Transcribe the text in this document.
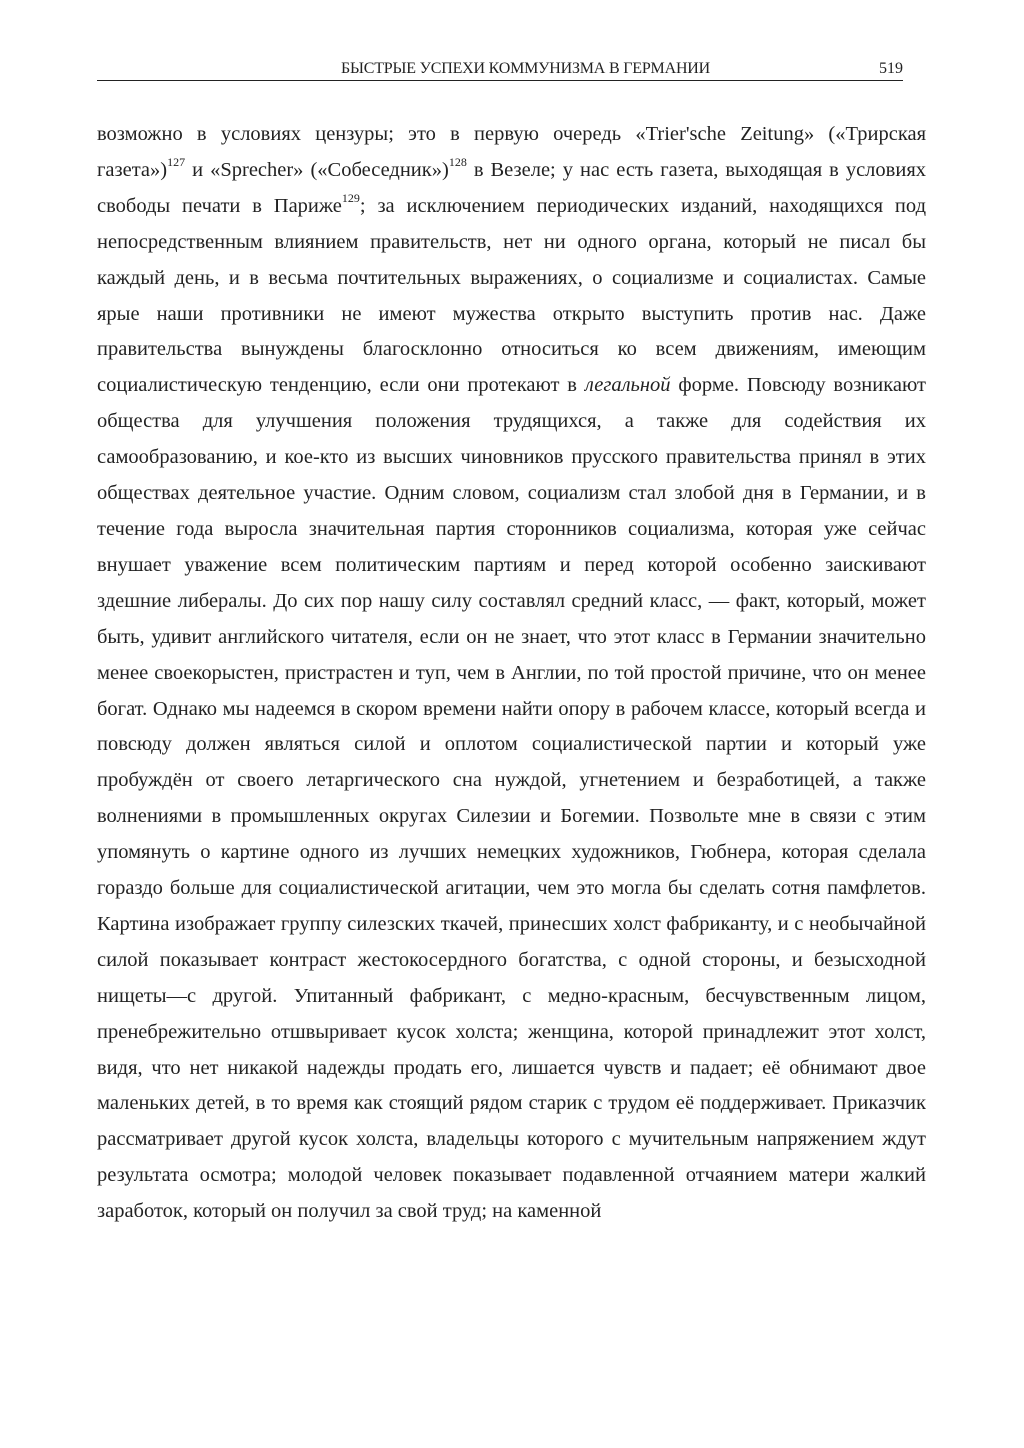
БЫСТРЫЕ УСПЕХИ КОММУНИЗМА В ГЕРМАНИИ	519

возможно в условиях цензуры; это в первую очередь «Trier'sche Zeitung» («Трирская газета»)$^{127}$ и «Sprecher» («Собеседник»)$^{128}$ в Везеле; у нас есть газета, выходящая в условиях свободы печати в Париже$^{129}$; за исключением периодических изданий, находящихся под непосредственным влиянием правительств, нет ни одного органа, который не писал бы каждый день, и в весьма почтительных выражениях, о социализме и социалистах. Самые ярые наши противники не имеют мужества открыто выступить против нас. Даже правительства вынуждены благосклонно относиться ко всем движениям, имеющим социалистическую тенденцию, если они протекают в легальной форме. Повсюду возникают общества для улучшения положения трудящихся, а также для содействия их самообразованию, и кое-кто из высших чиновников прусского правительства принял в этих обществах деятельное участие. Одним словом, социализм стал злобой дня в Германии, и в течение года выросла значительная партия сторонников социализма, которая уже сейчас внушает уважение всем политическим партиям и перед которой особенно заискивают здешние либералы. До сих пор нашу силу составлял средний класс, — факт, который, может быть, удивит английского читателя, если он не знает, что этот класс в Германии значительно менее своекорыстен, пристрастен и туп, чем в Англии, по той простой причине, что он менее богат. Однако мы надеемся в скором времени найти опору в рабочем классе, который всегда и повсюду должен являться силой и оплотом социалистической партии и который уже пробуждён от своего летаргического сна нуждой, угнетением и безработицей, а также волнениями в промышленных округах Силезии и Богемии. Позвольте мне в связи с этим упомянуть о картине одного из лучших немецких художников, Гюбнера, которая сделала гораздо больше для социалистической агитации, чем это могла бы сделать сотня памфлетов. Картина изображает группу силезских ткачей, принесших холст фабриканту, и с необычайной силой показывает контраст жестокосердного богатства, с одной стороны, и безысходной нищеты—с другой. Упитанный фабрикант, с медно-красным, бесчувственным лицом, пренебрежительно отшвыривает кусок холста; женщина, которой принадлежит этот холст, видя, что нет никакой надежды продать его, лишается чувств и падает; её обнимают двое маленьких детей, в то время как стоящий рядом старик с трудом её поддерживает. Приказчик рассматривает другой кусок холста, владельцы которого с мучительным напряжением ждут результата осмотра; молодой человек показывает подавленной отчаянием матери жалкий заработок, который он получил за свой труд; на каменной
